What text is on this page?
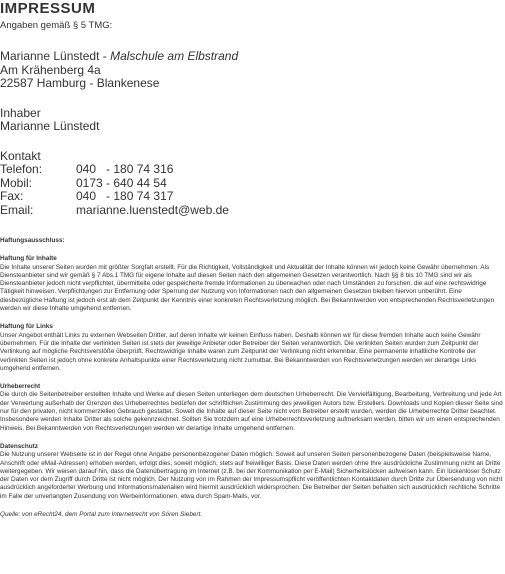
IMPRESSUM

Angaben gemäß § 5 TMG:

Marianne Lünstedt - Malschule am Elbstrand
Am Krähenberg 4a
22587 Hamburg - Blankenese
Inhaber
Marianne Lünstedt
Kontakt
Telefon:	040   - 180 74 316
Mobil:	0173 - 640 44 54
Fax:	040   - 180 74 317
Email:	marianne.luenstedt@web.de
Haftungsausschluss:
Haftung für Inhalte
Die Inhalte unserer Seiten wurden mit größter Sorgfalt erstellt. Für die Richtigkeit, Vollständigkeit und Aktualität der Inhalte können wir jedoch keine Gewähr übernehmen. Als Diensteanbieter sind wir gemäß § 7 Abs.1 TMG für eigene Inhalte auf diesen Seiten nach den allgemeinen Gesetzen verantwortlich. Nach §§ 8 bis 10 TMG sind wir als Diensteanbieter jedoch nicht verpflichtet, übermittelte oder gespeicherte fremde Informationen zu überwachen oder nach Umständen zu forschen, die auf eine rechtswidrige Tätigkeit hinweisen. Verpflichtungen zur Entfernung oder Sperrung der Nutzung von Informationen nach den allgemeinen Gesetzen bleiben hiervon unberührt. Eine diesbezügliche Haftung ist jedoch erst ab dem Zeitpunkt der Kenntnis einer konkreten Rechtsverletzung möglich. Bei Bekanntwerden von entsprechenden Rechtsverletzungen werden wir diese Inhalte umgehend entfernen.
Haftung für Links
Unser Angebot enthält Links zu externen Webseiten Dritter, auf deren Inhalte wir keinen Einfluss haben. Deshalb können wir für diese fremden Inhalte auch keine Gewähr übernehmen. Für die Inhalte der verlinkten Seiten ist stets der jeweilige Anbieter oder Betreiber der Seiten verantwortlich. Die verlinkten Seiten wurden zum Zeitpunkt der Verlinkung auf mögliche Rechtsverstöße überprüft. Rechtswidrige Inhalte waren zum Zeitpunkt der Verlinkung nicht erkennbar. Eine permanente inhaltliche Kontrolle der verlinkten Seiten ist jedoch ohne konkrete Anhaltspunkte einer Rechtsverletzung nicht zumutbar. Bei Bekanntwerden von Rechtsverletzungen werden wir derartige Links umgehend entfernen.
Urheberrecht
Die durch die Seitenbetreiber erstellten Inhalte und Werke auf diesen Seiten unterliegen dem deutschen Urheberrecht. Die Vervielfältigung, Bearbeitung, Verbreitung und jede Art der Verwertung außerhalb der Grenzen des Urheberrechtes bedürfen der schriftlichen Zustimmung des jeweiligen Autors bzw. Erstellers. Downloads und Kopien dieser Seite sind nur für den privaten, nicht kommerziellen Gebrauch gestattet. Soweit die Inhalte auf dieser Seite nicht vom Betreiber erstellt wurden, werden die Urheberrechte Dritter beachtet. Insbesondere werden Inhalte Dritter als solche gekennzeichnet. Sollten Sie trotzdem auf eine Urheberrechtsverletzung aufmerksam werden, bitten wir um einen entsprechenden Hinweis. Bei Bekanntwerden von Rechtsverletzungen werden wir derartige Inhalte umgehend entfernen.
Datenschutz
Die Nutzung unserer Webseite ist in der Regel ohne Angabe personenbezogener Daten möglich. Soweit auf unseren Seiten personenbezogene Daten (beispielsweise Name, Anschrift oder eMail-Adressen) erhoben werden, erfolgt dies, soweit möglich, stets auf freiwilliger Basis. Diese Daten werden ohne Ihre ausdrückliche Zustimmung nicht an Dritte weitergegeben. Wir weisen darauf hin, dass die Datenübertragung im Internet (z.B. bei der Kommunikation per E-Mail) Sicherheitslücken aufweisen kann. Ein lückenloser Schutz der Daten vor dem Zugriff durch Dritte ist nicht möglich. Der Nutzung von im Rahmen der Impressumspflicht veröffentlichten Kontaktdaten durch Dritte zur Übersendung von nicht ausdrücklich angeforderter Werbung und Informationsmaterialien wird hiermit ausdrücklich widersprochen. Die Betreiber der Seiten behalten sich ausdrücklich rechtliche Schritte im Falle der unverlangten Zusendung von Werbeinformationen, etwa durch Spam-Mails, vor.
Quelle: von eRecht24, dem Portal zum Internetrecht von Sören Siebert.
